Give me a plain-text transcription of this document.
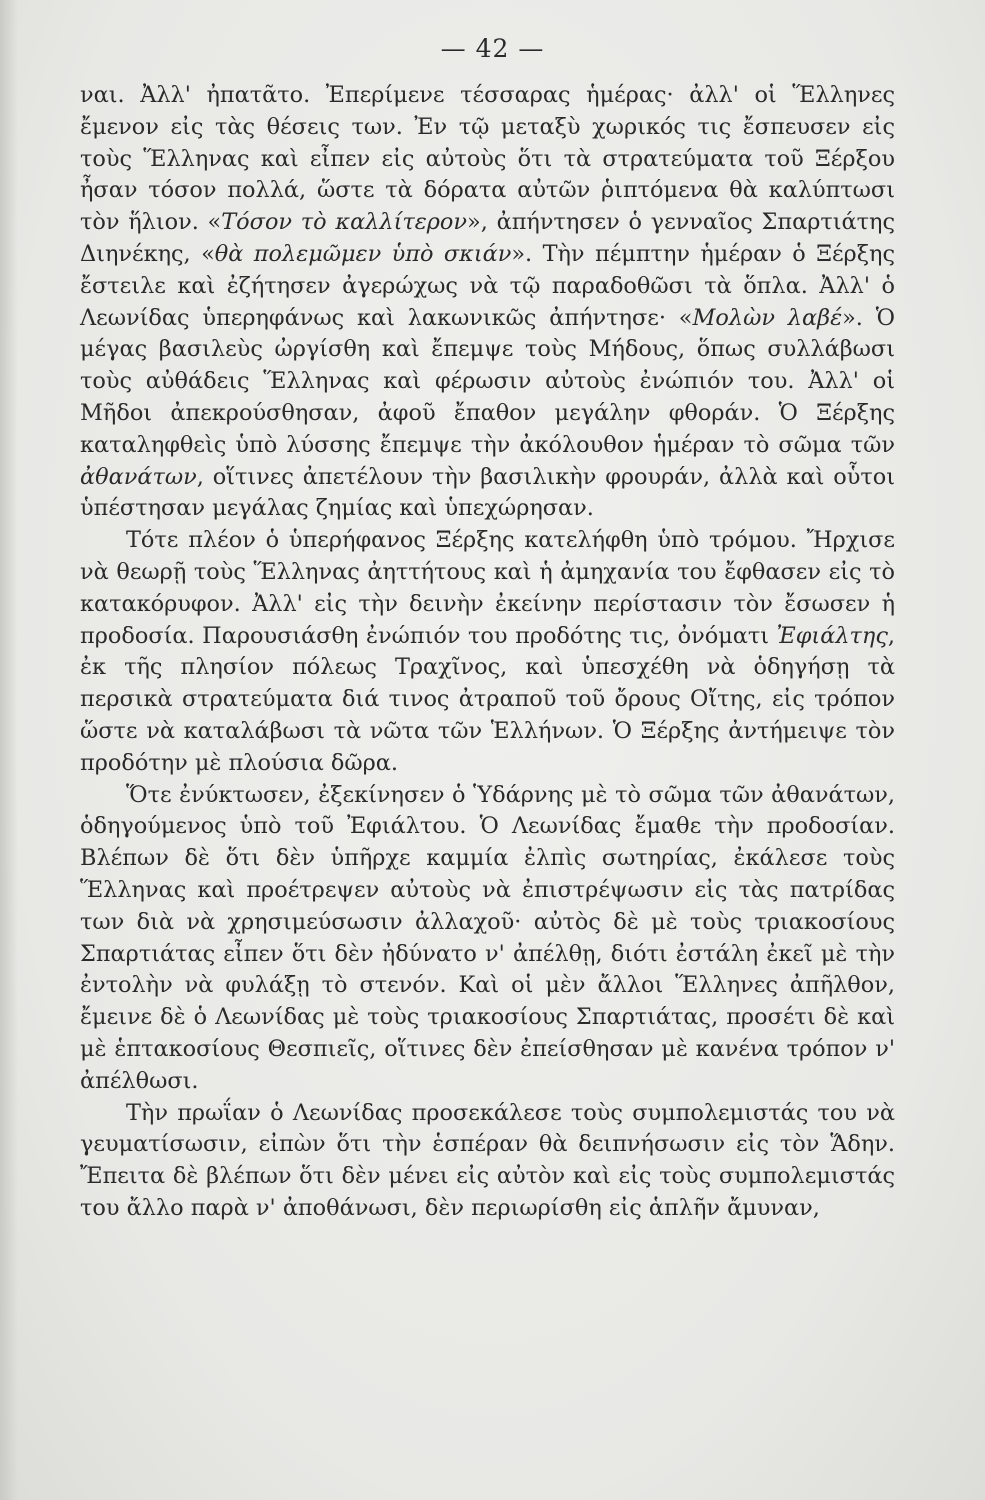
— 42 —

ναι. Ἀλλ' ἠπατᾶτο. Ἐπερίμενε τέσσαρας ἡμέρας· ἀλλ' οἱ Ἕλληνες ἔμενον εἰς τὰς θέσεις των. Ἐν τῷ μεταξὺ χωρικός τις ἔσπευσεν εἰς τοὺς Ἕλληνας καὶ εἶπεν εἰς αὐτοὺς ὅτι τὰ στρατεύματα τοῦ Ξέρξου ἦσαν τόσον πολλά, ὥστε τὰ δόρατα αὐτῶν ῥιπτόμενα θὰ καλύπτωσι τὸν ἥλιον. «Τόσον τὸ καλλίτερον», ἀπήντησεν ὁ γενναῖος Σπαρτιάτης Διηνέκης, «θὰ πολεμῶμεν ὑπὸ σκιάν». Τὴν πέμπτην ἡμέραν ὁ Ξέρξης ἔστειλε καὶ ἐζήτησεν ἀγερώχως νὰ τῷ παραδοθῶσι τὰ ὅπλα. Ἀλλ' ὁ Λεωνίδας ὑπερηφάνως καὶ λακωνικῶς ἀπήντησε· «Μολὼν λαβέ». Ὁ μέγας βασιλεὺς ὠργίσθη καὶ ἔπεμψε τοὺς Μήδους, ὅπως συλλάβωσι τοὺς αὐθάδεις Ἕλληνας καὶ φέρωσιν αὐτοὺς ἐνώπιόν του. Ἀλλ' οἱ Μῆδοι ἀπεκρούσθησαν, ἀφοῦ ἔπαθον μεγάλην φθοράν. Ὁ Ξέρξης καταληφθεὶς ὑπὸ λύσσης ἔπεμψε τὴν ἀκόλουθον ἡμέραν τὸ σῶμα τῶν ἀθανάτων, οἵτινες ἀπετέλουν τὴν βασιλικὴν φρουράν, ἀλλὰ καὶ οὗτοι ὑπέστησαν μεγάλας ζημίας καὶ ὑπεχώρησαν.

Τότε πλέον ὁ ὑπερήφανος Ξέρξης κατελήφθη ὑπὸ τρόμου. Ἤρχισε νὰ θεωρῇ τοὺς Ἕλληνας ἀηττήτους καὶ ἡ ἀμηχανία του ἔφθασεν εἰς τὸ κατακόρυφον. Ἀλλ' εἰς τὴν δεινὴν ἐκείνην περίστασιν τὸν ἔσωσεν ἡ προδοσία. Παρουσιάσθη ἐνώπιόν του προδότης τις, ὀνόματι Ἐφιάλτης, ἐκ τῆς πλησίον πόλεως Τραχῖνος, καὶ ὑπεσχέθη νὰ ὁδηγήσῃ τὰ περσικὰ στρατεύματα διά τινος ἀτραποῦ τοῦ ὄρους Οἴτης, εἰς τρόπον ὥστε νὰ καταλάβωσι τὰ νῶτα τῶν Ἑλλήνων. Ὁ Ξέρξης ἀντήμειψε τὸν προδότην μὲ πλούσια δῶρα.

Ὅτε ἐνύκτωσεν, ἐξεκίνησεν ὁ Ὑδάρνης μὲ τὸ σῶμα τῶν ἀθανάτων, ὁδηγούμενος ὑπὸ τοῦ Ἐφιάλτου. Ὁ Λεωνίδας ἔμαθε τὴν προδοσίαν. Βλέπων δὲ ὅτι δὲν ὑπῆρχε καμμία ἐλπὶς σωτηρίας, ἐκάλεσε τοὺς Ἕλληνας καὶ προέτρεψεν αὐτοὺς νὰ ἐπιστρέψωσιν εἰς τὰς πατρίδας των διὰ νὰ χρησιμεύσωσιν ἀλλαχοῦ· αὐτὸς δὲ μὲ τοὺς τριακοσίους Σπαρτιάτας εἶπεν ὅτι δὲν ἠδύνατο ν' ἀπέλθῃ, διότι ἐστάλη ἐκεῖ μὲ τὴν ἐντολὴν νὰ φυλάξῃ τὸ στενόν. Καὶ οἱ μὲν ἄλλοι Ἕλληνες ἀπῆλθον, ἔμεινε δὲ ὁ Λεωνίδας μὲ τοὺς τριακοσίους Σπαρτιάτας, προσέτι δὲ καὶ μὲ ἑπτακοσίους Θεσπιεῖς, οἵτινες δὲν ἐπείσθησαν μὲ κανένα τρόπον ν' ἀπέλθωσι.

Τὴν πρωΐαν ὁ Λεωνίδας προσεκάλεσε τοὺς συμπολεμιστάς του νὰ γευματίσωσιν, εἰπὼν ὅτι τὴν ἑσπέραν θὰ δειπνήσωσιν εἰς τὸν Ἅδην. Ἔπειτα δὲ βλέπων ὅτι δὲν μένει εἰς αὐτὸν καὶ εἰς τοὺς συμπολεμιστάς του ἄλλο παρὰ ν' ἀποθάνωσι, δὲν περιωρίσθη εἰς ἁπλῆν ἄμυναν,
